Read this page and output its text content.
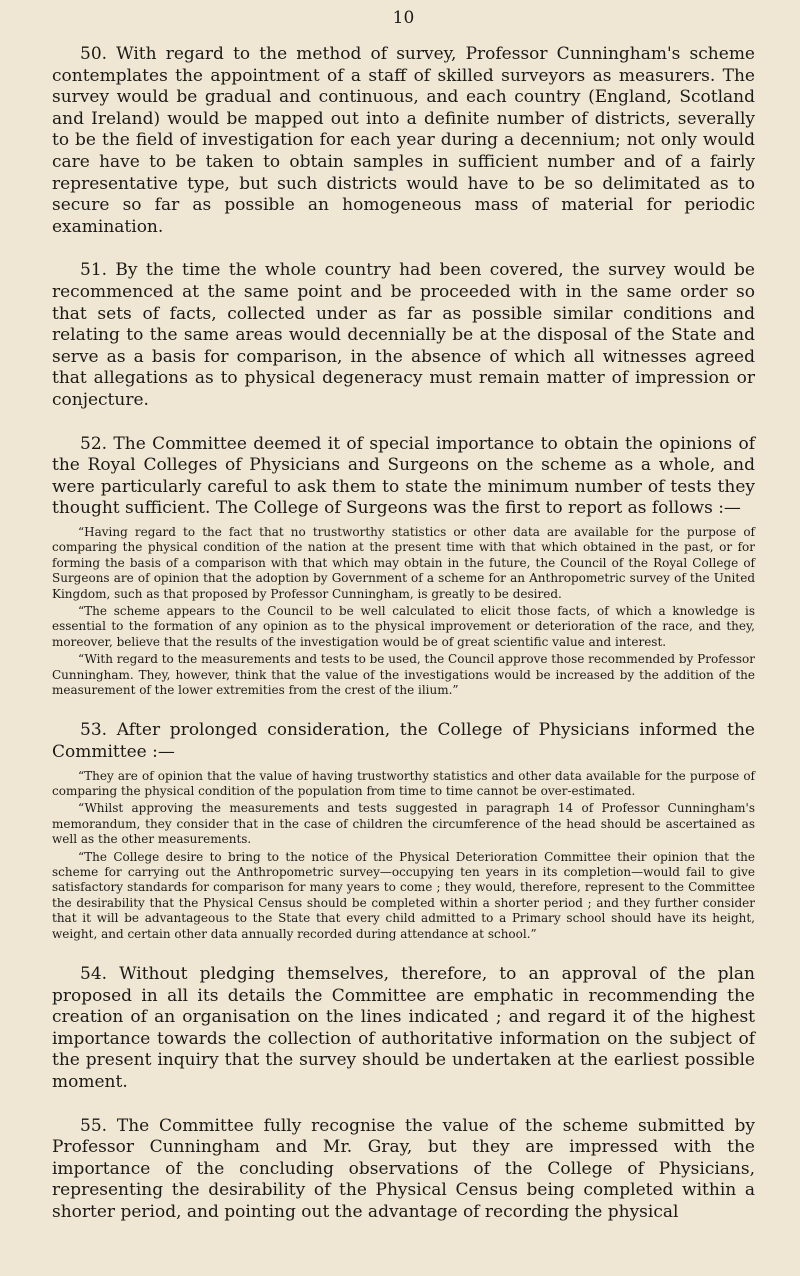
10

50. With regard to the method of survey, Professor Cunningham's scheme contemplates the appointment of a staff of skilled surveyors as measurers. The survey would be gradual and continuous, and each country (England, Scotland and Ireland) would be mapped out into a definite number of districts, severally to be the field of investigation for each year during a decennium; not only would care have to be taken to obtain samples in sufficient number and of a fairly representative type, but such districts would have to be so delimitated as to secure so far as possible an homogeneous mass of material for periodic examination.

51. By the time the whole country had been covered, the survey would be recommenced at the same point and be proceeded with in the same order so that sets of facts, collected under as far as possible similar conditions and relating to the same areas would decennially be at the disposal of the State and serve as a basis for comparison, in the absence of which all witnesses agreed that allegations as to physical degeneracy must remain matter of impression or conjecture.

52. The Committee deemed it of special importance to obtain the opinions of the Royal Colleges of Physicians and Surgeons on the scheme as a whole, and were particularly careful to ask them to state the minimum number of tests they thought sufficient. The College of Surgeons was the first to report as follows :—

“Having regard to the fact that no trustworthy statistics or other data are available for the purpose of comparing the physical condition of the nation at the present time with that which obtained in the past, or for forming the basis of a comparison with that which may obtain in the future, the Council of the Royal College of Surgeons are of opinion that the adoption by Government of a scheme for an Anthropometric survey of the United Kingdom, such as that proposed by Professor Cunningham, is greatly to be desired.

“The scheme appears to the Council to be well calculated to elicit those facts, of which a knowledge is essential to the formation of any opinion as to the physical improvement or deterioration of the race, and they, moreover, believe that the results of the investigation would be of great scientific value and interest.

“With regard to the measurements and tests to be used, the Council approve those recommended by Professor Cunningham. They, however, think that the value of the investigations would be increased by the addition of the measurement of the lower extremities from the crest of the ilium.”

53. After prolonged consideration, the College of Physicians informed the Committee :—

“They are of opinion that the value of having trustworthy statistics and other data available for the purpose of comparing the physical condition of the population from time to time cannot be over-estimated.

“Whilst approving the measurements and tests suggested in paragraph 14 of Professor Cunningham's memorandum, they consider that in the case of children the circumference of the head should be ascertained as well as the other measurements.

“The College desire to bring to the notice of the Physical Deterioration Committee their opinion that the scheme for carrying out the Anthropometric survey—occupying ten years in its completion—would fail to give satisfactory standards for comparison for many years to come ; they would, therefore, represent to the Committee the desirability that the Physical Census should be completed within a shorter period ; and they further consider that it will be advantageous to the State that every child admitted to a Primary school should have its height, weight, and certain other data annually recorded during attendance at school.”

54. Without pledging themselves, therefore, to an approval of the plan proposed in all its details the Committee are emphatic in recommending the creation of an organisation on the lines indicated ; and regard it of the highest importance towards the collection of authoritative information on the subject of the present inquiry that the survey should be undertaken at the earliest possible moment.

55. The Committee fully recognise the value of the scheme submitted by Professor Cunningham and Mr. Gray, but they are impressed with the importance of the concluding observations of the College of Physicians, representing the desirability of the Physical Census being completed within a shorter period, and pointing out the advantage of recording the physical
